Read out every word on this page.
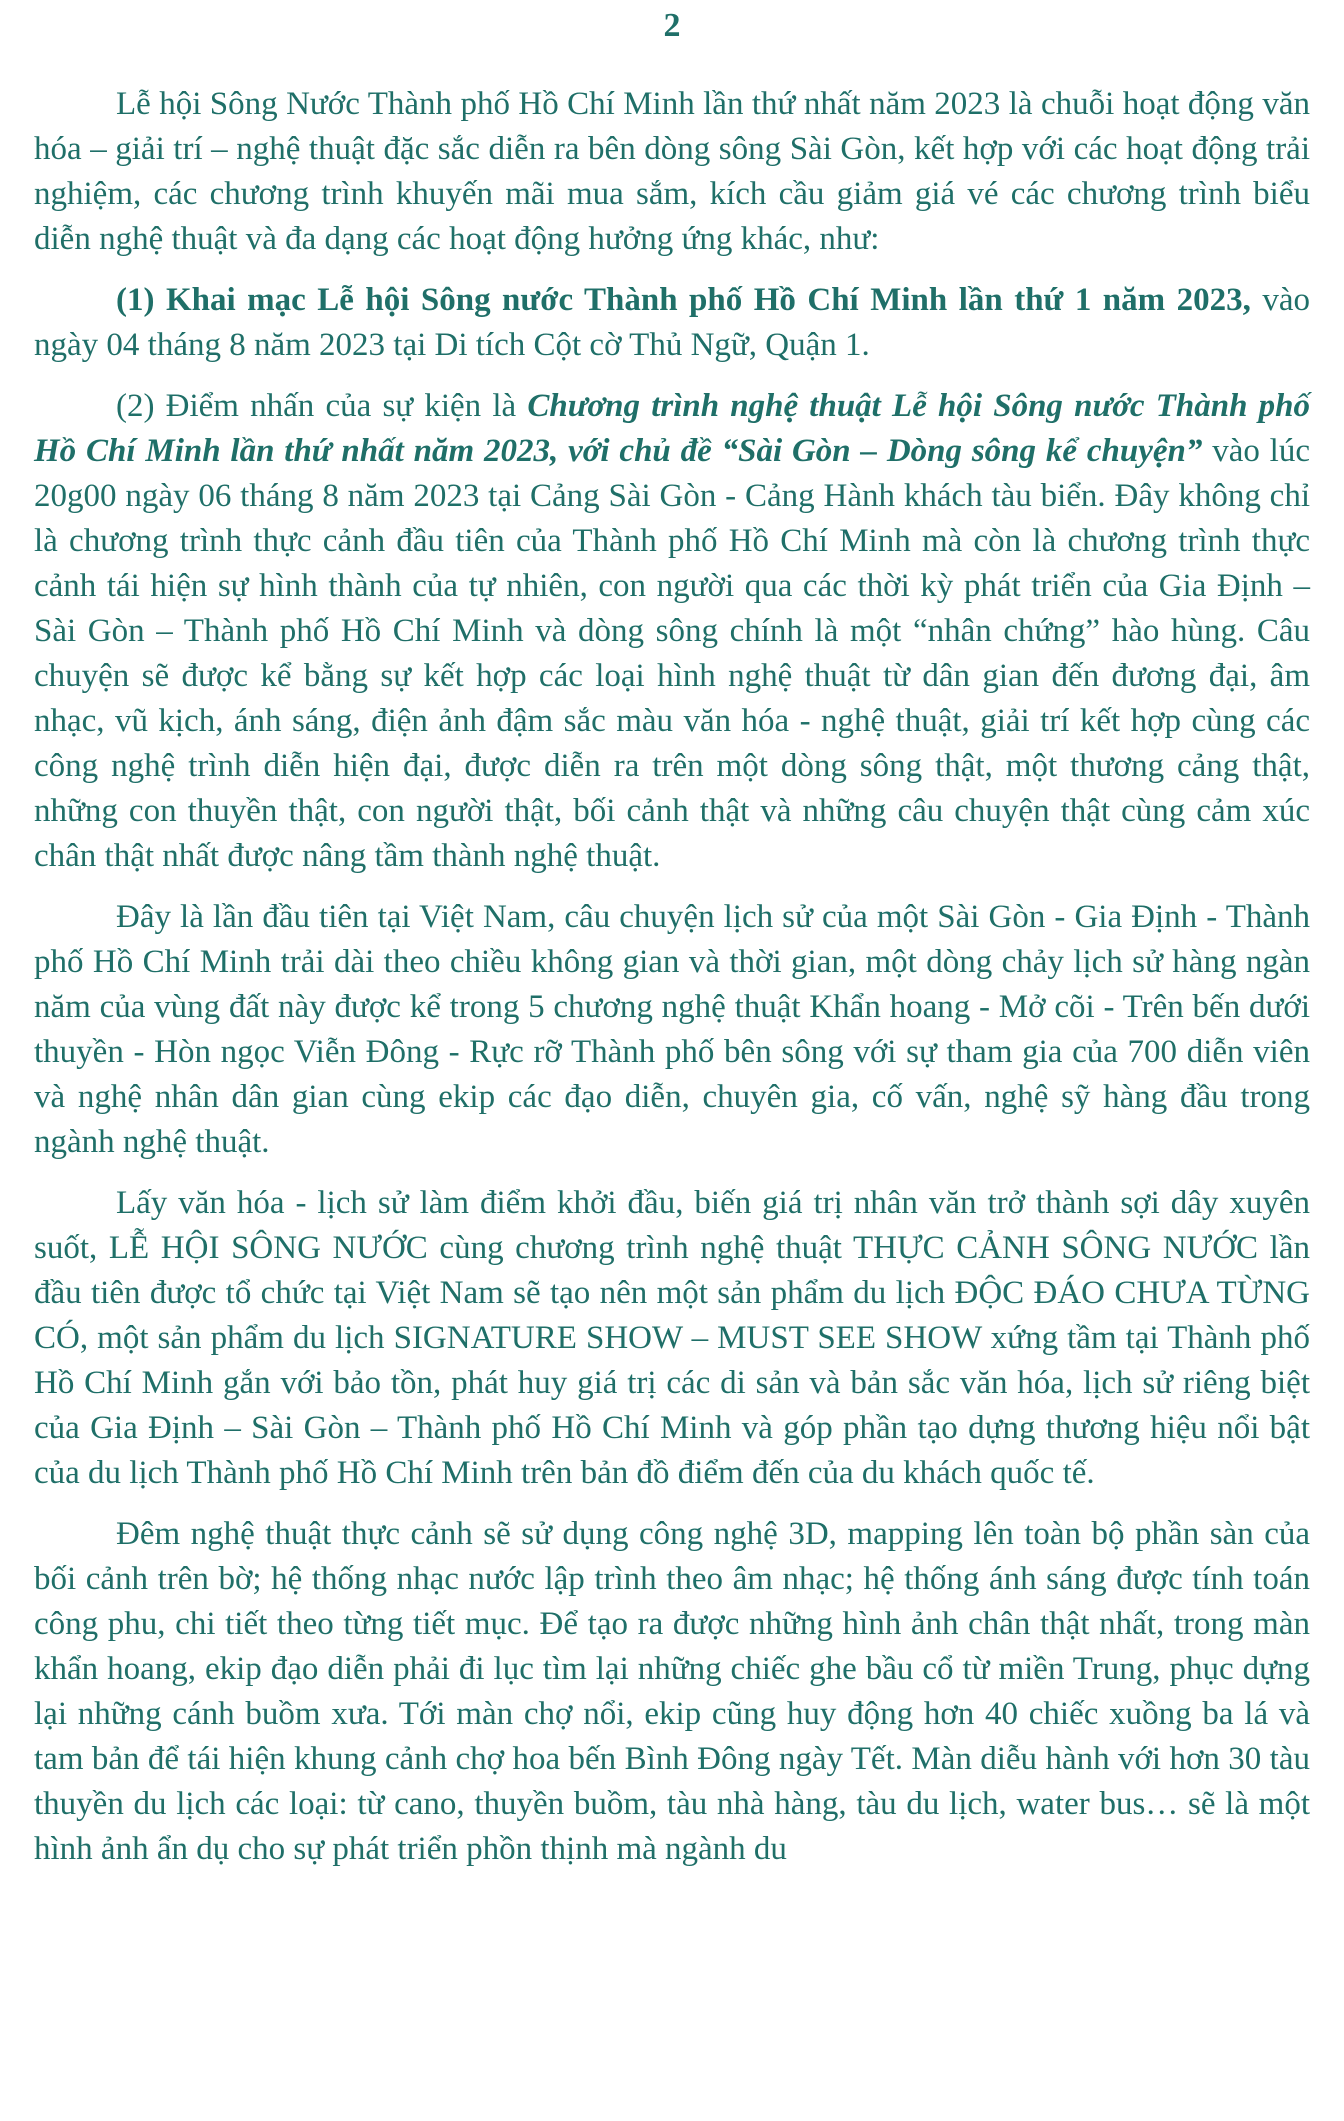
2

Lễ hội Sông Nước Thành phố Hồ Chí Minh lần thứ nhất năm 2023 là chuỗi hoạt động văn hóa – giải trí – nghệ thuật đặc sắc diễn ra bên dòng sông Sài Gòn, kết hợp với các hoạt động trải nghiệm, các chương trình khuyến mãi mua sắm, kích cầu giảm giá vé các chương trình biểu diễn nghệ thuật và đa dạng các hoạt động hưởng ứng khác, như:

(1) Khai mạc Lễ hội Sông nước Thành phố Hồ Chí Minh lần thứ 1 năm 2023, vào ngày 04 tháng 8 năm 2023 tại Di tích Cột cờ Thủ Ngữ, Quận 1.

(2) Điểm nhấn của sự kiện là Chương trình nghệ thuật Lễ hội Sông nước Thành phố Hồ Chí Minh lần thứ nhất năm 2023, với chủ đề “Sài Gòn – Dòng sông kể chuyện” vào lúc 20g00 ngày 06 tháng 8 năm 2023 tại Cảng Sài Gòn - Cảng Hành khách tàu biển. Đây không chỉ là chương trình thực cảnh đầu tiên của Thành phố Hồ Chí Minh mà còn là chương trình thực cảnh tái hiện sự hình thành của tự nhiên, con người qua các thời kỳ phát triển của Gia Định – Sài Gòn – Thành phố Hồ Chí Minh và dòng sông chính là một “nhân chứng” hào hùng. Câu chuyện sẽ được kể bằng sự kết hợp các loại hình nghệ thuật từ dân gian đến đương đại, âm nhạc, vũ kịch, ánh sáng, điện ảnh đậm sắc màu văn hóa - nghệ thuật, giải trí kết hợp cùng các công nghệ trình diễn hiện đại, được diễn ra trên một dòng sông thật, một thương cảng thật, những con thuyền thật, con người thật, bối cảnh thật và những câu chuyện thật cùng cảm xúc chân thật nhất được nâng tầm thành nghệ thuật.

Đây là lần đầu tiên tại Việt Nam, câu chuyện lịch sử của một Sài Gòn - Gia Định - Thành phố Hồ Chí Minh trải dài theo chiều không gian và thời gian, một dòng chảy lịch sử hàng ngàn năm của vùng đất này được kể trong 5 chương nghệ thuật Khẩn hoang - Mở cõi - Trên bến dưới thuyền - Hòn ngọc Viễn Đông - Rực rỡ Thành phố bên sông với sự tham gia của 700 diễn viên và nghệ nhân dân gian cùng ekip các đạo diễn, chuyên gia, cố vấn, nghệ sỹ hàng đầu trong ngành nghệ thuật.

Lấy văn hóa - lịch sử làm điểm khởi đầu, biến giá trị nhân văn trở thành sợi dây xuyên suốt, LỄ HỘI SÔNG NƯỚC cùng chương trình nghệ thuật THỰC CẢNH SÔNG NƯỚC lần đầu tiên được tổ chức tại Việt Nam sẽ tạo nên một sản phẩm du lịch ĐỘC ĐÁO CHƯA TỪNG CÓ, một sản phẩm du lịch SIGNATURE SHOW – MUST SEE SHOW xứng tầm tại Thành phố Hồ Chí Minh gắn với bảo tồn, phát huy giá trị các di sản và bản sắc văn hóa, lịch sử riêng biệt của Gia Định – Sài Gòn – Thành phố Hồ Chí Minh và góp phần tạo dựng thương hiệu nổi bật của du lịch Thành phố Hồ Chí Minh trên bản đồ điểm đến của du khách quốc tế.

Đêm nghệ thuật thực cảnh sẽ sử dụng công nghệ 3D, mapping lên toàn bộ phần sàn của bối cảnh trên bờ; hệ thống nhạc nước lập trình theo âm nhạc; hệ thống ánh sáng được tính toán công phu, chi tiết theo từng tiết mục. Để tạo ra được những hình ảnh chân thật nhất, trong màn khẩn hoang, ekip đạo diễn phải đi lục tìm lại những chiếc ghe bầu cổ từ miền Trung, phục dựng lại những cánh buồm xưa. Tới màn chợ nổi, ekip cũng huy động hơn 40 chiếc xuồng ba lá và tam bản để tái hiện khung cảnh chợ hoa bến Bình Đông ngày Tết. Màn diễu hành với hơn 30 tàu thuyền du lịch các loại: từ cano, thuyền buồm, tàu nhà hàng, tàu du lịch, water bus… sẽ là một hình ảnh ẩn dụ cho sự phát triển phồn thịnh mà ngành du
